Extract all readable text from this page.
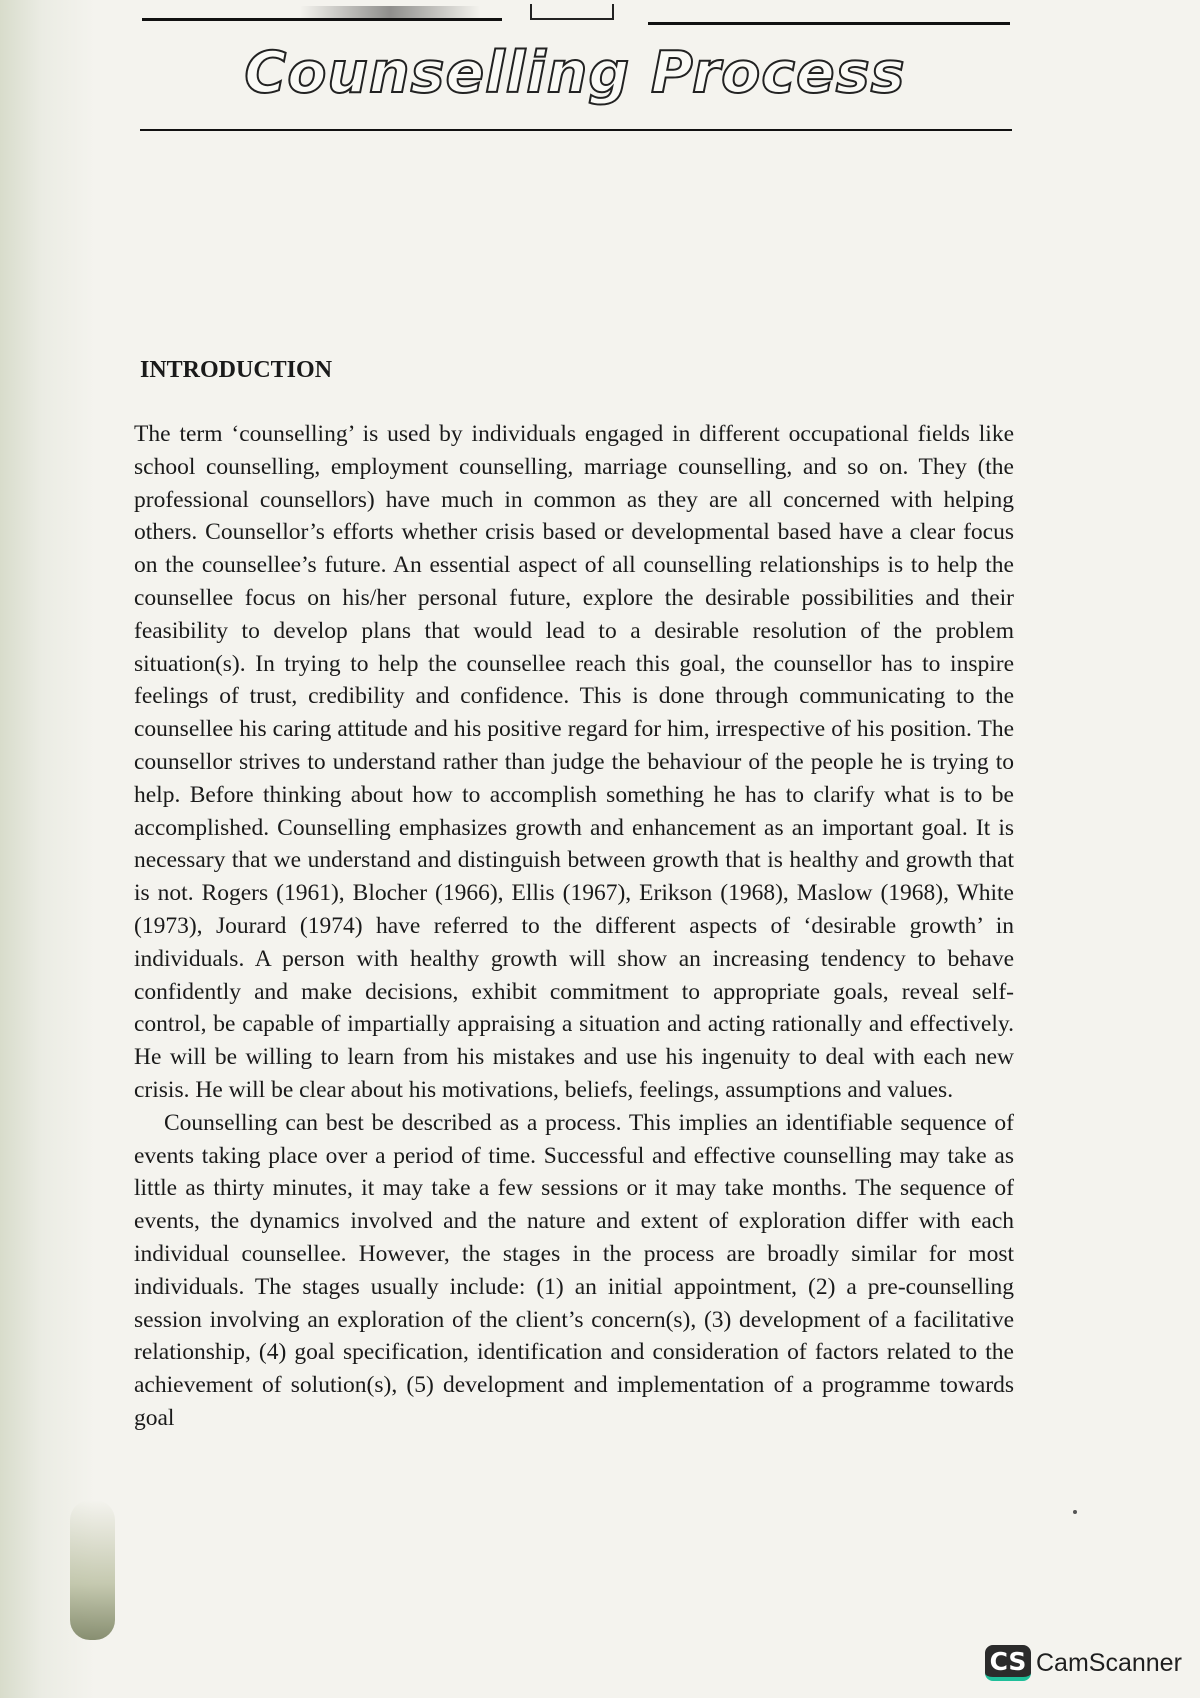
Counselling Process
INTRODUCTION

The term ‘counselling’ is used by individuals engaged in different occupational fields like school counselling, employment counselling, marriage counselling, and so on. They (the professional counsellors) have much in common as they are all concerned with helping others. Counsellor’s efforts whether crisis based or developmental based have a clear focus on the counsellee’s future. An essential aspect of all counselling relationships is to help the counsellee focus on his/her personal future, explore the desirable possibilities and their feasibility to develop plans that would lead to a desirable resolution of the problem situation(s). In trying to help the counsellee reach this goal, the counsellor has to inspire feelings of trust, credibility and confidence. This is done through communicating to the counsellee his caring attitude and his positive regard for him, irrespective of his position. The counsellor strives to understand rather than judge the behaviour of the people he is trying to help. Before thinking about how to accomplish something he has to clarify what is to be accomplished. Counselling emphasizes growth and enhancement as an important goal. It is necessary that we understand and distinguish between growth that is healthy and growth that is not. Rogers (1961), Blocher (1966), Ellis (1967), Erikson (1968), Maslow (1968), White (1973), Jourard (1974) have referred to the different aspects of ‘desirable growth’ in individuals. A person with healthy growth will show an increasing tendency to behave confidently and make decisions, exhibit commitment to appropriate goals, reveal self-control, be capable of impartially appraising a situation and acting rationally and effectively. He will be willing to learn from his mistakes and use his ingenuity to deal with each new crisis. He will be clear about his motivations, beliefs, feelings, assumptions and values.

Counselling can best be described as a process. This implies an identifiable sequence of events taking place over a period of time. Successful and effective counselling may take as little as thirty minutes, it may take a few sessions or it may take months. The sequence of events, the dynamics involved and the nature and extent of exploration differ with each individual counsellee. However, the stages in the process are broadly similar for most individuals. The stages usually include: (1) an initial appointment, (2) a pre-counselling session involving an exploration of the client’s concern(s), (3) development of a facilitative relationship, (4) goal specification, identification and consideration of factors related to the achievement of solution(s), (5) development and implementation of a programme towards goal

CS CamScanner
